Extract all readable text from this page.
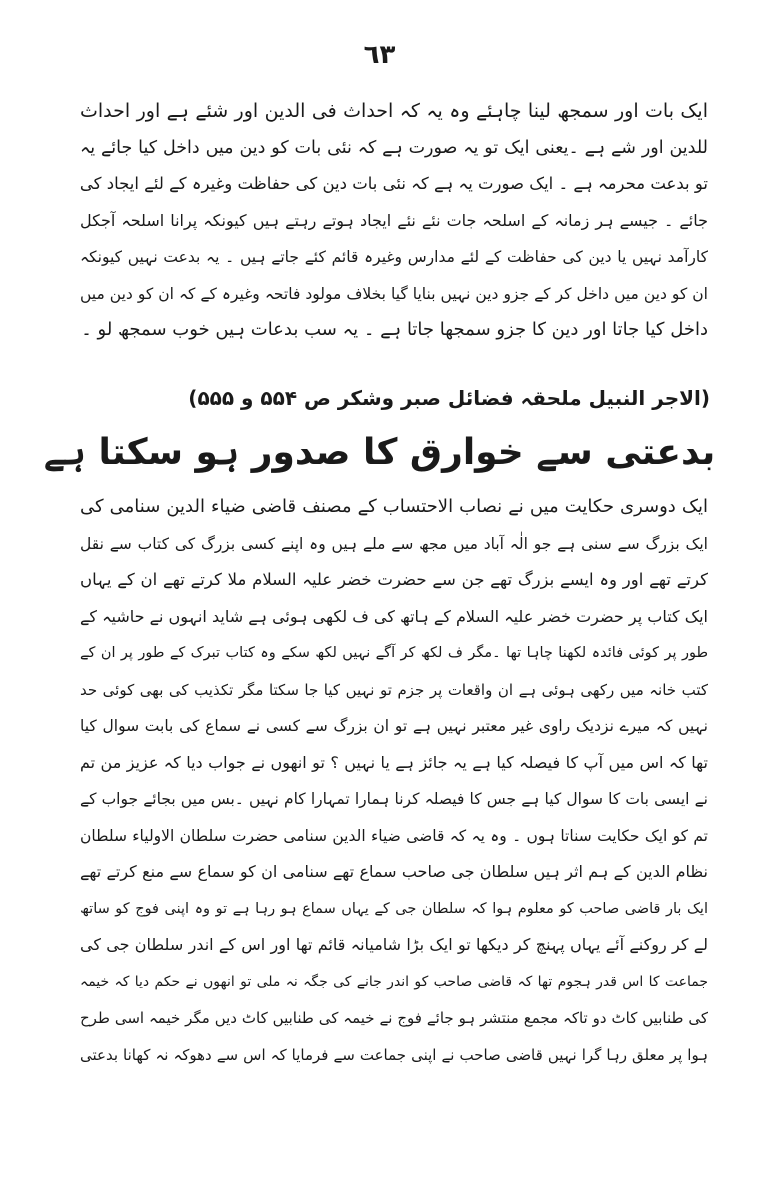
٦٣
ایک بات اور سمجھ لینا چاہئے وہ یہ کہ احداث فی الدین اور شئے ہے اور احداث
للدین اور شے ہے ۔یعنی ایک تو یہ صورت ہے کہ نئی بات کو دین میں داخل کیا جائے یہ
تو بدعت محرمہ ہے ۔ ایک صورت یہ ہے کہ نئی بات دین کی حفاظت وغیرہ کے لئے ایجاد کی
جائے ۔ جیسے ہر زمانہ کے اسلحہ جات نئے نئے ایجاد ہوتے رہتے ہیں کیونکہ پرانا اسلحہ آجکل
کارآمد نہیں یا دین کی حفاظت کے لئے مدارس وغیرہ قائم کئے جاتے ہیں ۔ یہ بدعت نہیں کیونکہ
ان کو دین میں داخل کر کے جزو دین نہیں بنایا گیا بخلاف مولود فاتحہ وغیرہ کے کہ ان کو دین میں
داخل کیا جاتا اور دین کا جزو سمجھا جاتا ہے ۔ یہ سب بدعات ہیں خوب سمجھ لو ۔
(الاجر النبیل ملحقہ فضائل صبر وشکر ص ۵۵۴ و ۵۵۵)
بدعتی سے خوارق کا صدور ہو سکتا ہے
ایک دوسری حکایت میں نے نصاب الاحتساب کے مصنف قاضی ضیاء الدین سنامی کی
ایک بزرگ سے سنی ہے جو الٰہ آباد میں مجھ سے ملے ہیں وہ اپنے کسی بزرگ کی کتاب سے نقل
کرتے تھے اور وہ ایسے بزرگ تھے جن سے حضرت خضر علیہ السلام ملا کرتے تھے ان کے یہاں
ایک کتاب پر حضرت خضر علیہ السلام کے ہاتھ کی ف لکھی ہوئی ہے شاید انہوں نے حاشیہ کے
طور پر کوئی فائدہ لکھنا چاہا تھا ۔مگر ف لکھ کر آگے نہیں لکھ سکے وہ کتاب تبرک کے طور پر ان کے
کتب خانہ میں رکھی ہوئی ہے ان واقعات پر جزم تو نہیں کیا جا سکتا مگر تکذیب کی بھی کوئی حد
نہیں کہ میرے نزدیک راوی غیر معتبر نہیں ہے تو ان بزرگ سے کسی نے سماع کی بابت سوال کیا
تھا کہ اس میں آپ کا فیصلہ کیا ہے یہ جائز ہے یا نہیں ؟ تو انھوں نے جواب دیا کہ عزیز من تم
نے ایسی بات کا سوال کیا ہے جس کا فیصلہ کرنا ہمارا تمہارا کام نہیں ۔بس میں بجائے جواب کے
تم کو ایک حکایت سناتا ہوں ۔ وہ یہ کہ قاضی ضیاء الدین سنامی حضرت سلطان الاولیاء سلطان
نظام الدین کے ہم اثر ہیں سلطان جی صاحب سماع تھے سنامی ان کو سماع سے منع کرتے تھے
ایک بار قاضی صاحب کو معلوم ہوا کہ سلطان جی کے یہاں سماع ہو رہا ہے تو وہ اپنی فوج کو ساتھ
لے کر روکنے آئے یہاں پہنچ کر دیکھا تو ایک بڑا شامیانہ قائم تھا اور اس کے اندر سلطان جی کی
جماعت کا اس قدر ہجوم تھا کہ قاضی صاحب کو اندر جانے کی جگہ نہ ملی تو انھوں نے حکم دیا کہ خیمہ
کی طنابیں کاٹ دو تاکہ مجمع منتشر ہو جائے فوج نے خیمہ کی طنابیں کاٹ دیں مگر خیمہ اسی طرح
ہوا پر معلق رہا گرا نہیں قاضی صاحب نے اپنی جماعت سے فرمایا کہ اس سے دھوکہ نہ کھانا بدعتی
